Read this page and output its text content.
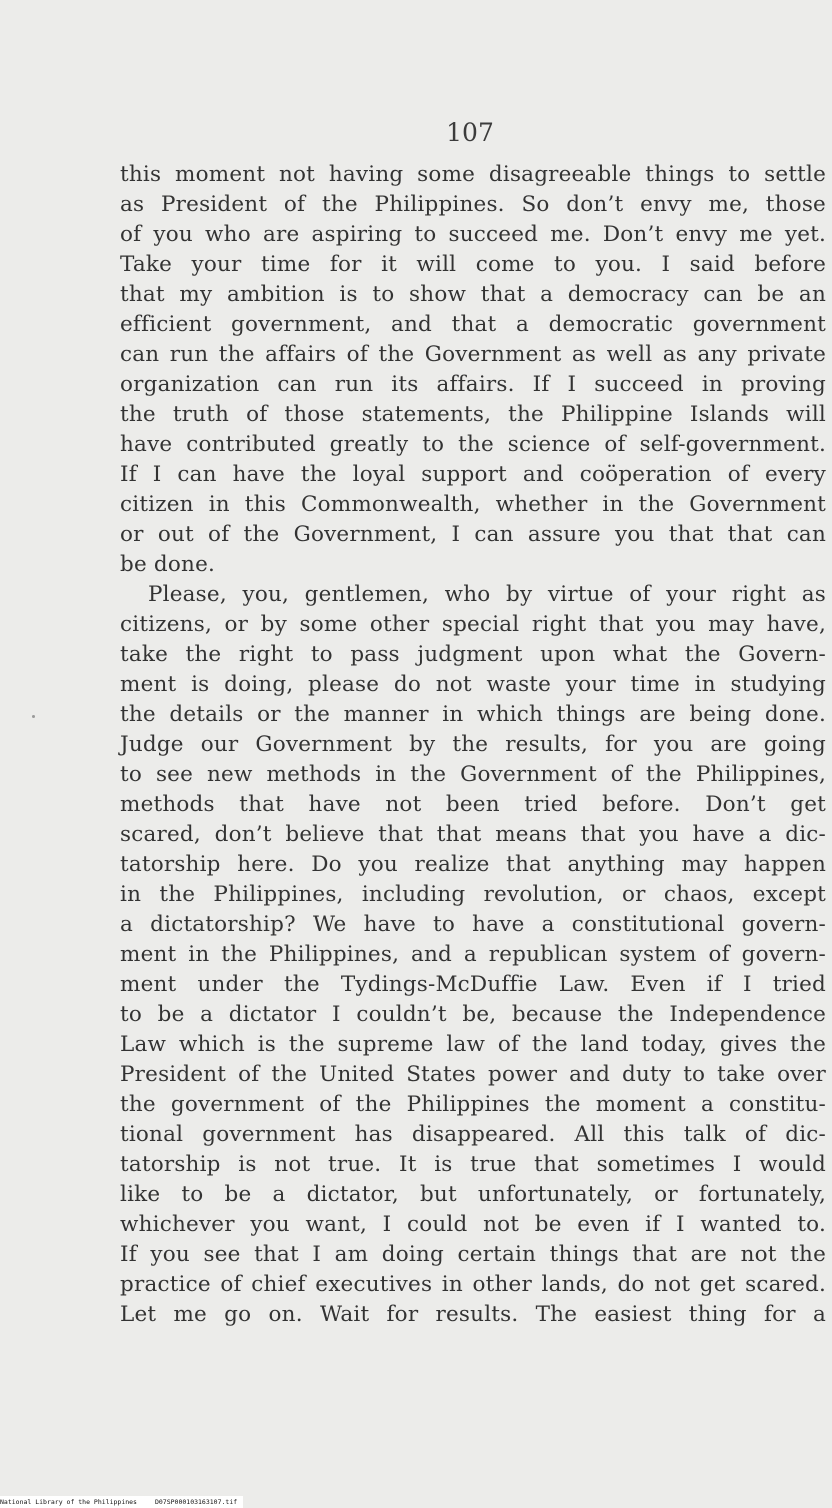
107
this moment not having some disagreeable things to settle
as President of the Philippines. So don’t envy me, those
of you who are aspiring to succeed me. Don’t envy me yet.
Take your time for it will come to you. I said before
that my ambition is to show that a democracy can be an
efficient government, and that a democratic government
can run the affairs of the Government as well as any private
organization can run its affairs. If I succeed in proving
the truth of those statements, the Philippine Islands will
have contributed greatly to the science of self-government.
If I can have the loyal support and coöperation of every
citizen in this Commonwealth, whether in the Government
or out of the Government, I can assure you that that can
be done.
Please, you, gentlemen, who by virtue of your right as
citizens, or by some other special right that you may have,
take the right to pass judgment upon what the Govern-
ment is doing, please do not waste your time in studying
the details or the manner in which things are being done.
Judge our Government by the results, for you are going
to see new methods in the Government of the Philippines,
methods that have not been tried before. Don’t get
scared, don’t believe that that means that you have a dic-
tatorship here. Do you realize that anything may happen
in the Philippines, including revolution, or chaos, except
a dictatorship? We have to have a constitutional govern-
ment in the Philippines, and a republican system of govern-
ment under the Tydings-McDuffie Law. Even if I tried
to be a dictator I couldn’t be, because the Independence
Law which is the supreme law of the land today, gives the
President of the United States power and duty to take over
the government of the Philippines the moment a constitu-
tional government has disappeared. All this talk of dic-
tatorship is not true. It is true that sometimes I would
like to be a dictator, but unfortunately, or fortunately,
whichever you want, I could not be even if I wanted to.
If you see that I am doing certain things that are not the
practice of chief executives in other lands, do not get scared.
Let me go on. Wait for results. The easiest thing for a
National Library of the Philippines	D07SP000103163107.tif
